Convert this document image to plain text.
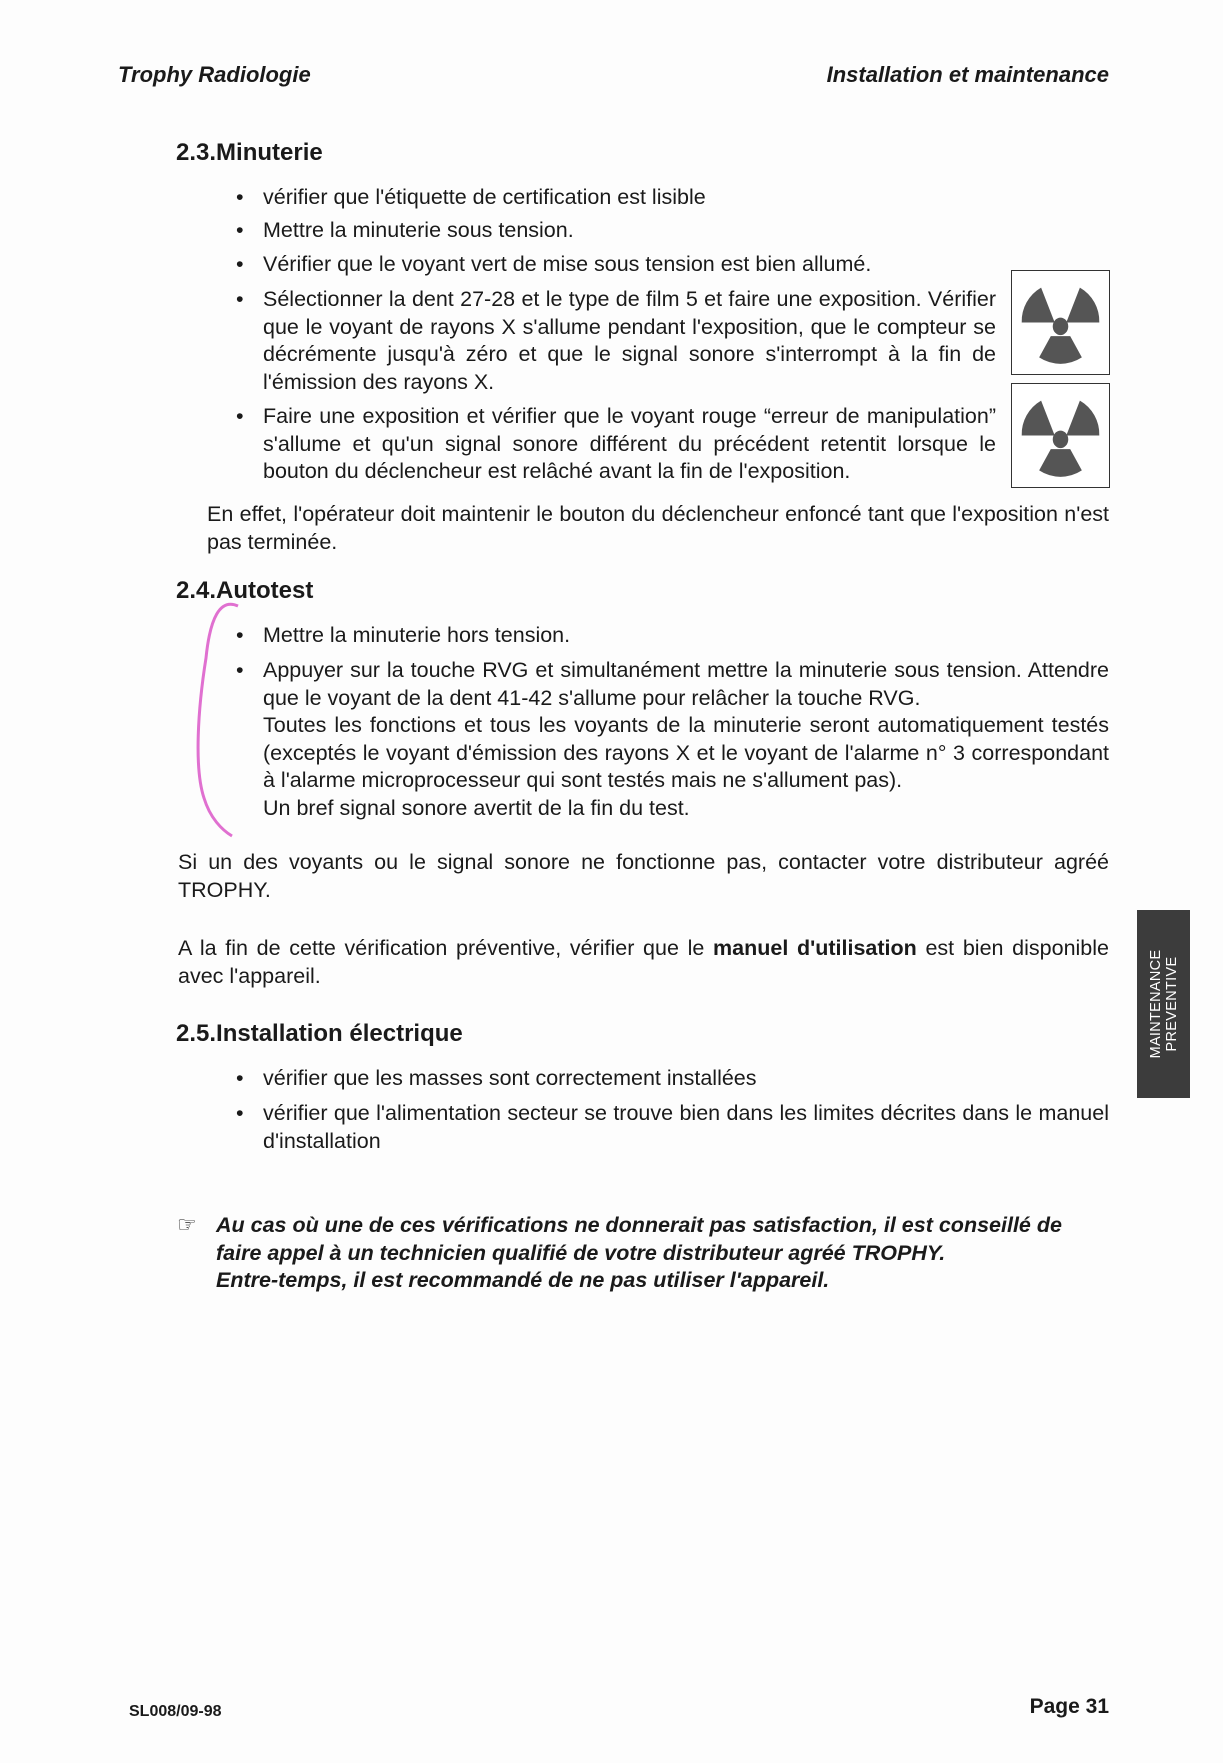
Trophy Radiologie	Installation et maintenance
2.3.Minuterie
• vérifier que l'étiquette de certification est lisible
• Mettre la minuterie sous tension.
• Vérifier que le voyant vert de mise sous tension est bien allumé.
• Sélectionner la dent 27-28 et le type de film 5 et faire une exposition. Vérifier que le voyant de rayons X s'allume pendant l'exposition, que le compteur se décrémente jusqu'à zéro et que le signal sonore s'interrompt à la fin de l'émission des rayons X.
• Faire une exposition et vérifier que le voyant rouge “erreur de manipulation” s'allume et qu'un signal sonore différent du précédent retentit lorsque le bouton du déclencheur est relâché avant la fin de l'exposition.
En effet, l'opérateur doit maintenir le bouton du déclencheur enfoncé tant que l'exposition n'est pas terminée.
2.4.Autotest
• Mettre la minuterie hors tension.
• Appuyer sur la touche RVG et simultanément mettre la minuterie sous tension. Attendre que le voyant de la dent 41-42 s'allume pour relâcher la touche RVG.
Toutes les fonctions et tous les voyants de la minuterie seront automatiquement testés (exceptés le voyant d'émission des rayons X et le voyant de l'alarme n° 3 correspondant à l'alarme microprocesseur qui sont testés mais ne s'allument pas).
Un bref signal sonore avertit de la fin du test.
Si un des voyants ou le signal sonore ne fonctionne pas, contacter votre distributeur agréé TROPHY.
A la fin de cette vérification préventive, vérifier que le manuel d'utilisation est bien disponible avec l'appareil.
2.5.Installation électrique
• vérifier que les masses sont correctement installées
• vérifier que l'alimentation secteur se trouve bien dans les limites décrites dans le manuel d'installation
MAINTENANCE
PREVENTIVE
☞ Au cas où une de ces vérifications ne donnerait pas satisfaction, il est conseillé de faire appel à un technicien qualifié de votre distributeur agréé TROPHY.
Entre-temps, il est recommandé de ne pas utiliser l'appareil.
SL008/09-98	Page 31
